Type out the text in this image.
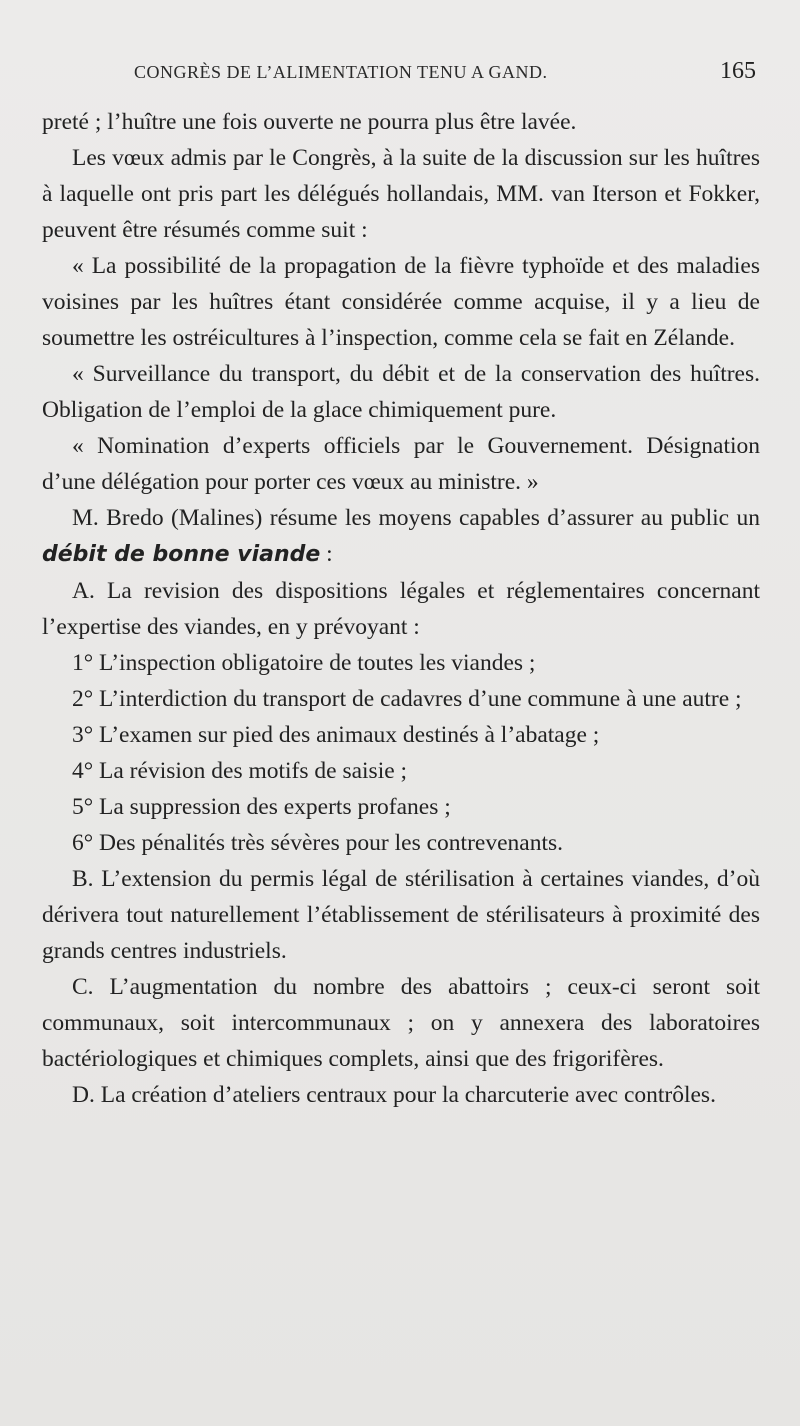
CONGRÈS DE L’ALIMENTATION TENU A GAND.	165

preté ; l’huître une fois ouverte ne pourra plus être lavée.

Les vœux admis par le Congrès, à la suite de la discussion sur les huîtres à laquelle ont pris part les délégués hollandais, MM. van Iterson et Fokker, peuvent être résumés comme suit :

« La possibilité de la propagation de la fièvre typhoïde et des maladies voisines par les huîtres étant considérée comme acquise, il y a lieu de soumettre les ostréicultures à l’inspection, comme cela se fait en Zélande.

« Surveillance du transport, du débit et de la conservation des huîtres. Obligation de l’emploi de la glace chimiquement pure.

« Nomination d’experts officiels par le Gouvernement. Désignation d’une délégation pour porter ces vœux au ministre. »

M. Bredo (Malines) résume les moyens capables d’assurer au public un débit de bonne viande :

A. La revision des dispositions légales et réglementaires concernant l’expertise des viandes, en y prévoyant :

1° L’inspection obligatoire de toutes les viandes ;

2° L’interdiction du transport de cadavres d’une commune à une autre ;

3° L’examen sur pied des animaux destinés à l’abatage ;

4° La révision des motifs de saisie ;

5° La suppression des experts profanes ;

6° Des pénalités très sévères pour les contrevenants.

B. L’extension du permis légal de stérilisation à certaines viandes, d’où dérivera tout naturellement l’établissement de stérilisateurs à proximité des grands centres industriels.

C. L’augmentation du nombre des abattoirs ; ceux-ci seront soit communaux, soit intercommunaux ; on y annexera des laboratoires bactériologiques et chimiques complets, ainsi que des frigorifères.

D. La création d’ateliers centraux pour la charcuterie avec contrôles.
